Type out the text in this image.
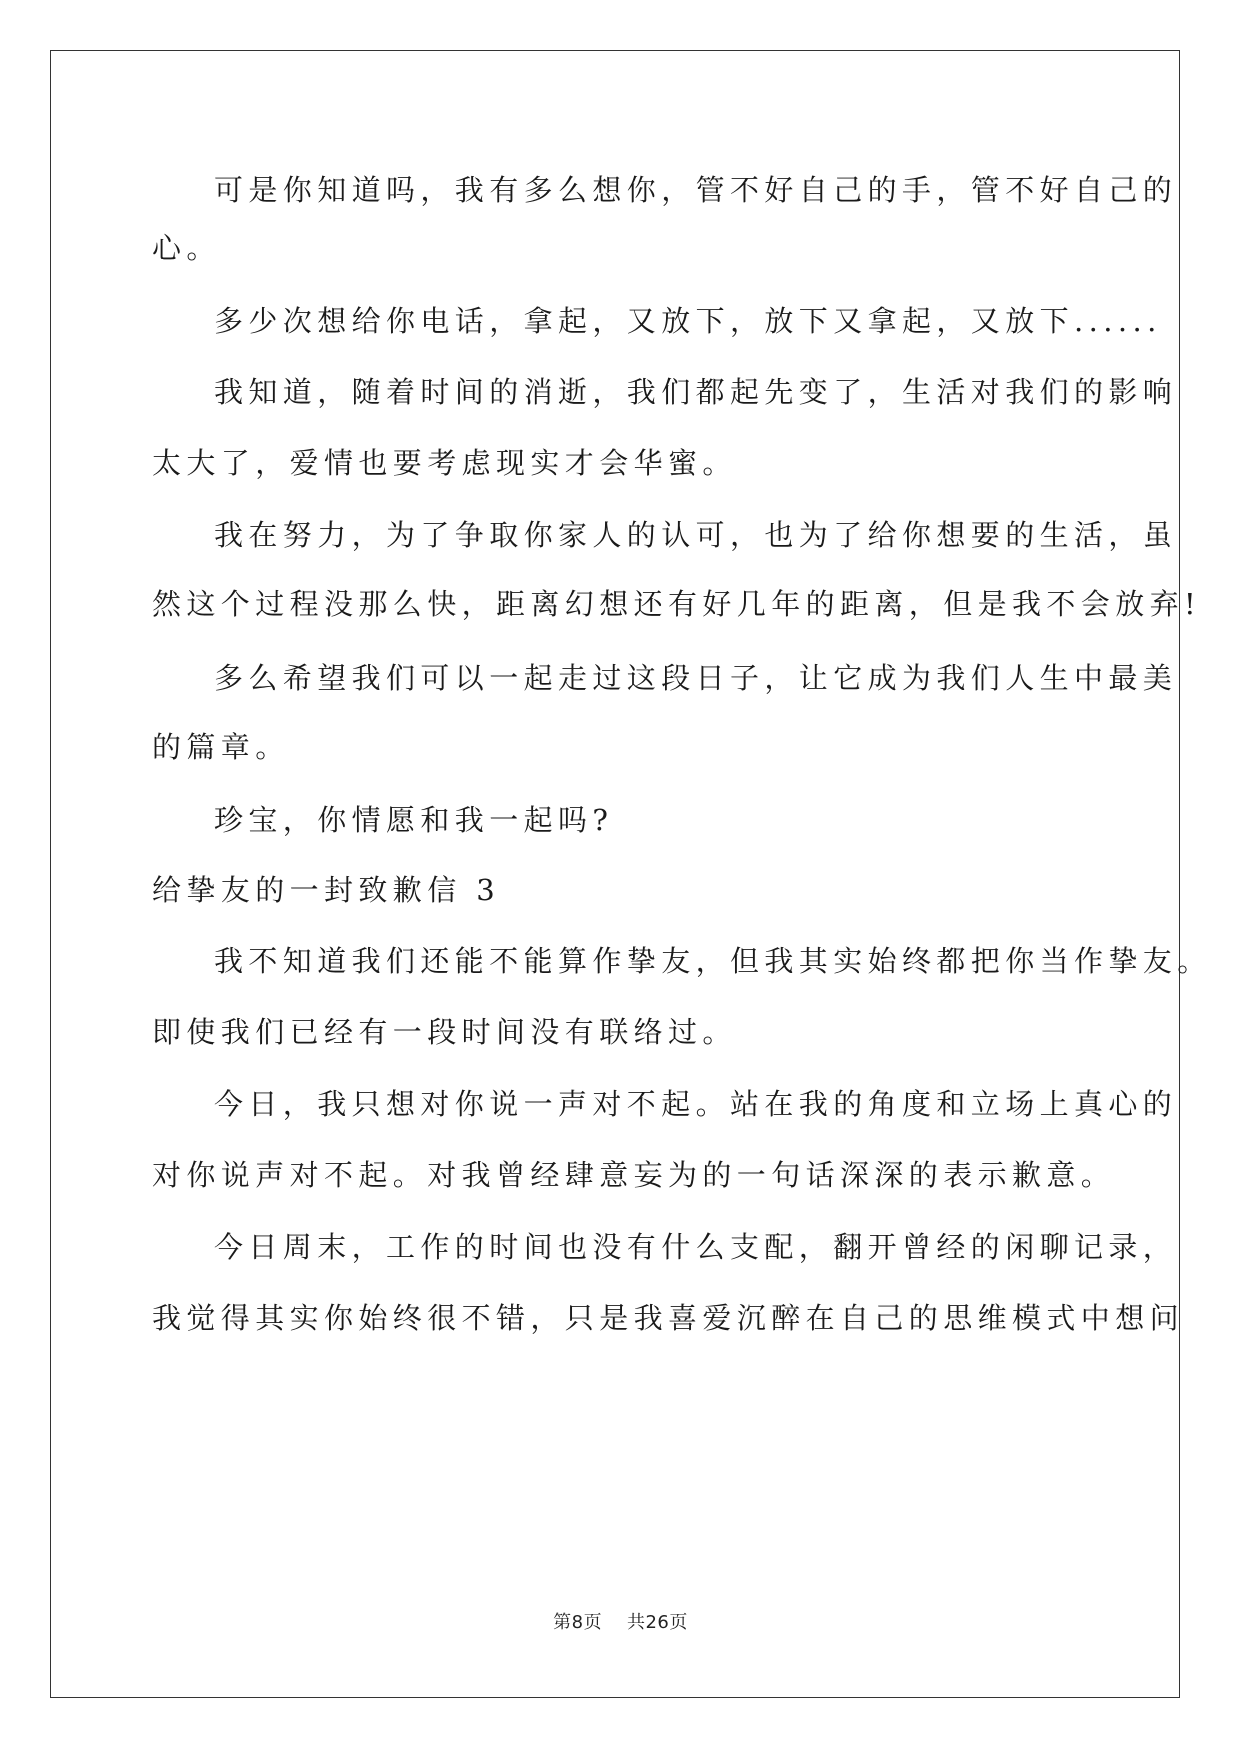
可是你知道吗，我有多么想你，管不好自己的手，管不好自己的
心。
多少次想给你电话，拿起，又放下，放下又拿起，又放下......
我知道，随着时间的消逝，我们都起先变了，生活对我们的影响
太大了，爱情也要考虑现实才会华蜜。
我在努力，为了争取你家人的认可，也为了给你想要的生活，虽
然这个过程没那么快，距离幻想还有好几年的距离，但是我不会放弃!
多么希望我们可以一起走过这段日子，让它成为我们人生中最美
的篇章。
珍宝，你情愿和我一起吗?
给挚友的一封致歉信 3
我不知道我们还能不能算作挚友，但我其实始终都把你当作挚友。
即使我们已经有一段时间没有联络过。
今日，我只想对你说一声对不起。站在我的角度和立场上真心的
对你说声对不起。对我曾经肆意妄为的一句话深深的表示歉意。
今日周末，工作的时间也没有什么支配，翻开曾经的闲聊记录，
我觉得其实你始终很不错，只是我喜爱沉醉在自己的思维模式中想问
第8页 共26页
